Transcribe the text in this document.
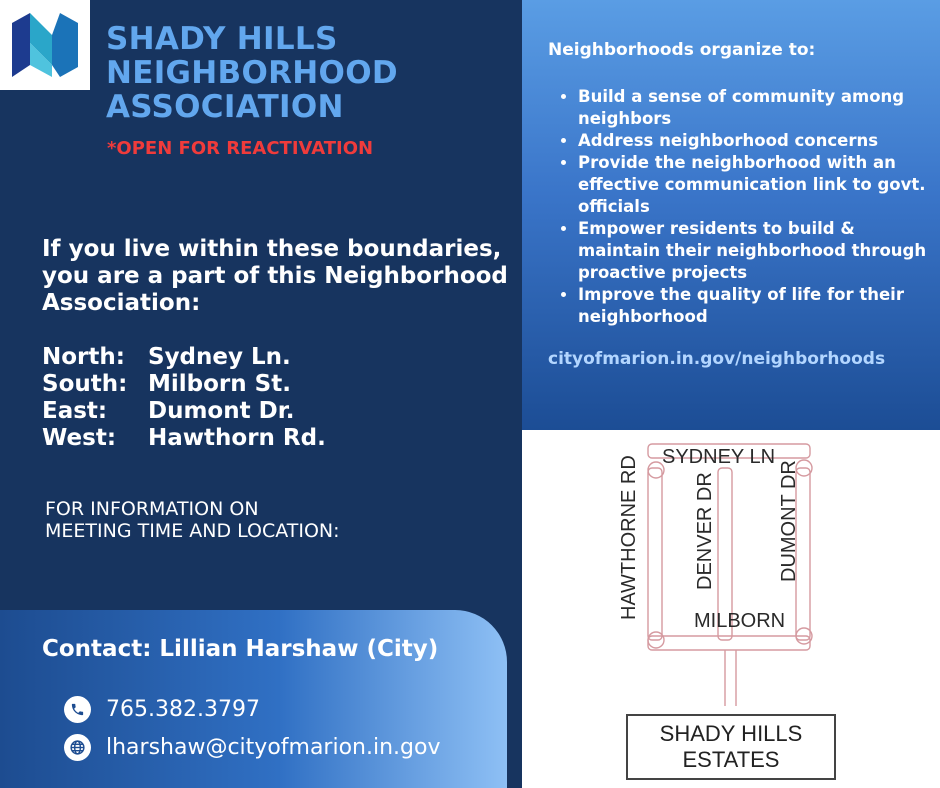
SHADY HILLS
NEIGHBORHOOD
ASSOCIATION
*OPEN FOR REACTIVATION
If you live within these boundaries, you are a part of this Neighborhood Association:
North:	Sydney Ln.
South: Milborn St.
East:	Dumont Dr.
West:	Hawthorn Rd.
FOR INFORMATION ON MEETING TIME AND LOCATION:
Contact: Lillian Harshaw (City)
765.382.3797
lharshaw@cityofmarion.in.gov
Neighborhoods organize to:
• Build a sense of community among neighbors
• Address neighborhood concerns
• Provide the neighborhood with an effective communication link to govt. officials
• Empower residents to build & maintain their neighborhood through proactive projects
• Improve the quality of life for their neighborhood
cityofmarion.in.gov/neighborhoods
SYDNEY LN
HAWTHORNE RD	DENVER DR	DUMONT DR
MILBORN
SHADY HILLS
ESTATES
